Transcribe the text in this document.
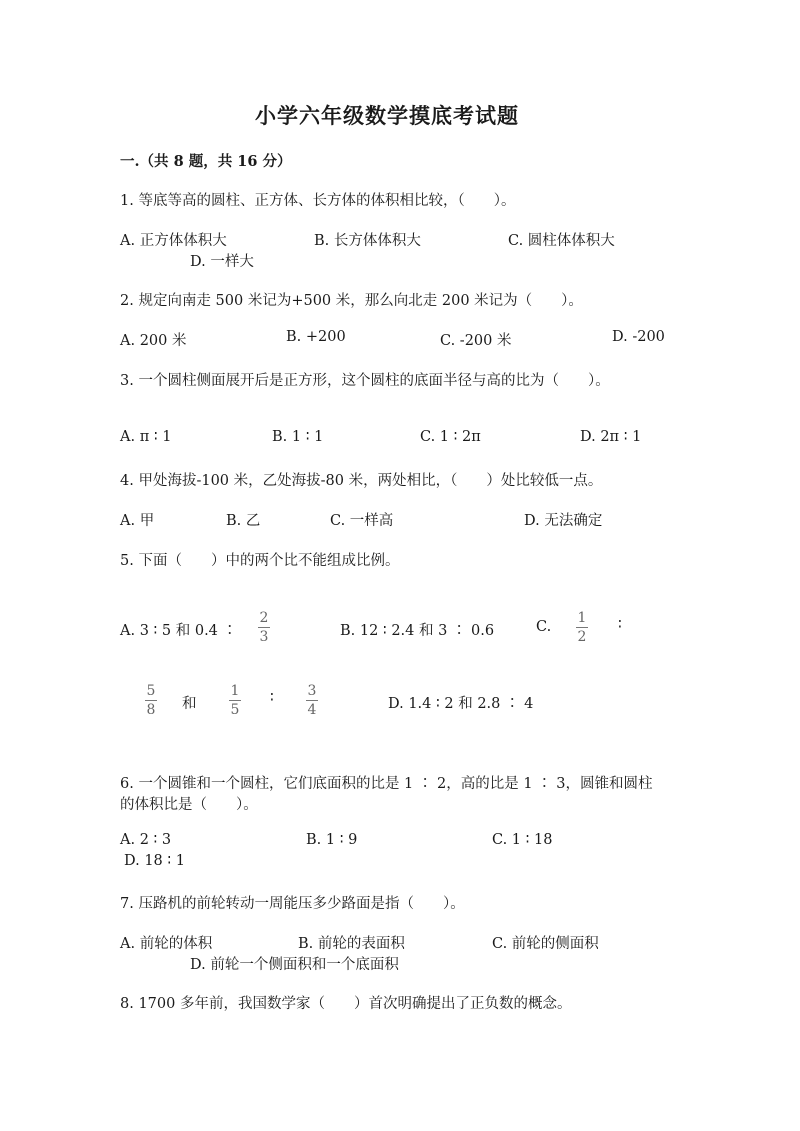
小学六年级数学摸底考试题
一.（共 8 题，共 16 分）
1. 等底等高的圆柱、正方体、长方体的体积相比较，（　　）。
A. 正方体体积大	B. 长方体体积大	C. 圆柱体体积大
D. 一样大
2. 规定向南走 500 米记为+500 米，那么向北走 200 米记为（　　）。
A. 200 米	B. +200	C. -200 米	D. -200
3. 一个圆柱侧面展开后是正方形，这个圆柱的底面半径与高的比为（　　）。
A. π ∶ 1	B. 1 ∶ 1	C. 1 ∶ 2π	D. 2π ∶ 1
4. 甲处海拔-100 米，乙处海拔-80 米，两处相比，（　　）处比较低一点。
A. 甲	B. 乙	C. 一样高	D. 无法确定
5. 下面（　　）中的两个比不能组成比例。
A. 3 ∶ 5 和 0.4 ∶
2
3	B. 12 ∶ 2.4 和 3 ∶ 0.6	C.
1
2
∶
5
8 和
1
5
∶ 3
4	D. 1.4 ∶ 2 和 2.8 ∶ 4
6. 一个圆锥和一个圆柱，它们底面积的比是 1 ∶ 2，高的比是 1 ∶ 3，圆锥和圆柱
的体积比是（　　）。
A. 2 ∶ 3	B. 1 ∶ 9	C. 1 ∶ 18
D. 18 ∶ 1
7. 压路机的前轮转动一周能压多少路面是指（　　）。
A. 前轮的体积	B. 前轮的表面积	C. 前轮的侧面积
D. 前轮一个侧面积和一个底面积
8. 1700 多年前，我国数学家（　　）首次明确提出了正负数的概念。
